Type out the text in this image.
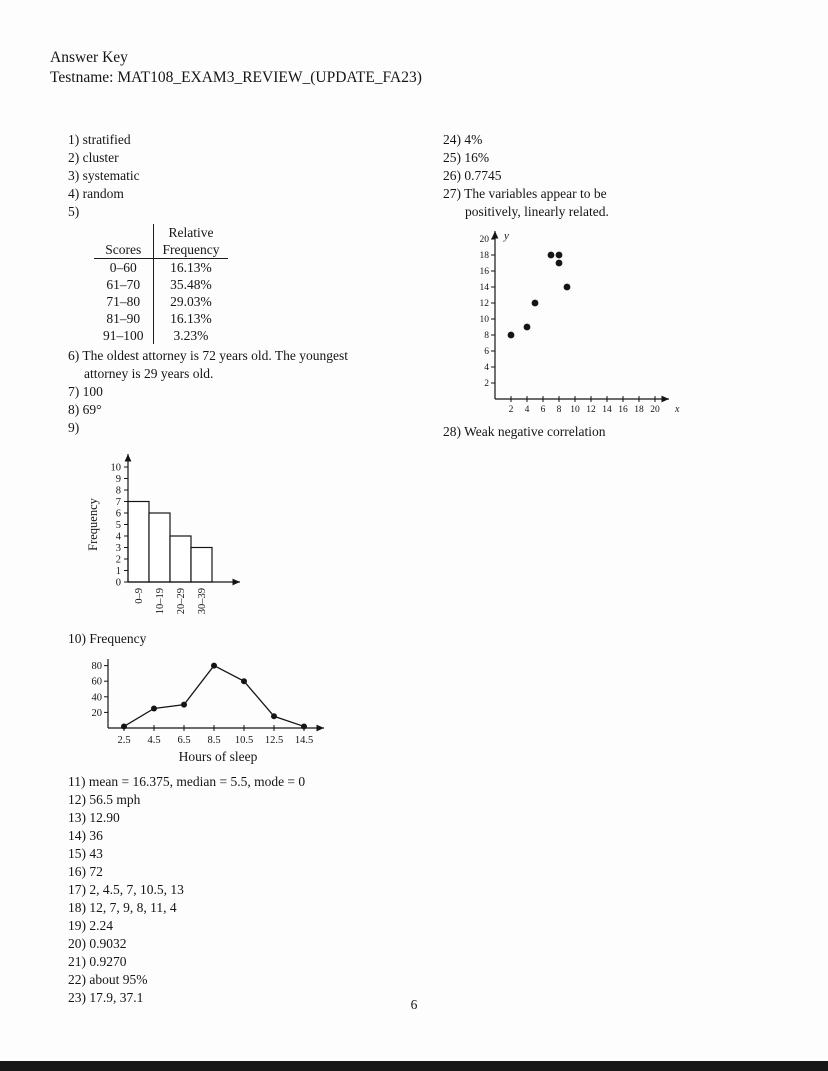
Answer Key
Testname: MAT108_EXAM3_REVIEW_(UPDATE_FA23)
1) stratified
2) cluster
3) systematic
4) random
5)
Scores	Relative
Frequency

0–60	16.13%
61–70	35.48%
71–80	29.03%
81–90	16.13%
91–100	3.23%
6) The oldest attorney is 72 years old. The youngest
attorney is 29 years old.
7) 100
8) 69°
9)
0
1
2
3
4
5
6
7
8
9
10
0–9 10–19 20–29 30–39
Frequency
10) Frequency
20
40
60
80
2.5 4.5 6.5 8.5 10.5 12.5 14.5
Hours of sleep
11) mean = 16.375, median = 5.5, mode = 0
12) 56.5 mph
13) 12.90
14) 36
15) 43
16) 72
17) 2, 4.5, 7, 10.5, 13
18) 12, 7, 9, 8, 11, 4
19) 2.24
20) 0.9032
21) 0.9270
22) about 95%
23) 17.9, 37.1
24) 4%
25) 16%
26) 0.7745
27) The variables appear to be
positively, linearly related.
2
4
6
8
10
12
14
16
18
20
2 4 6 8 10 12 14 16 18 20
y
x
28) Weak negative correlation
6
